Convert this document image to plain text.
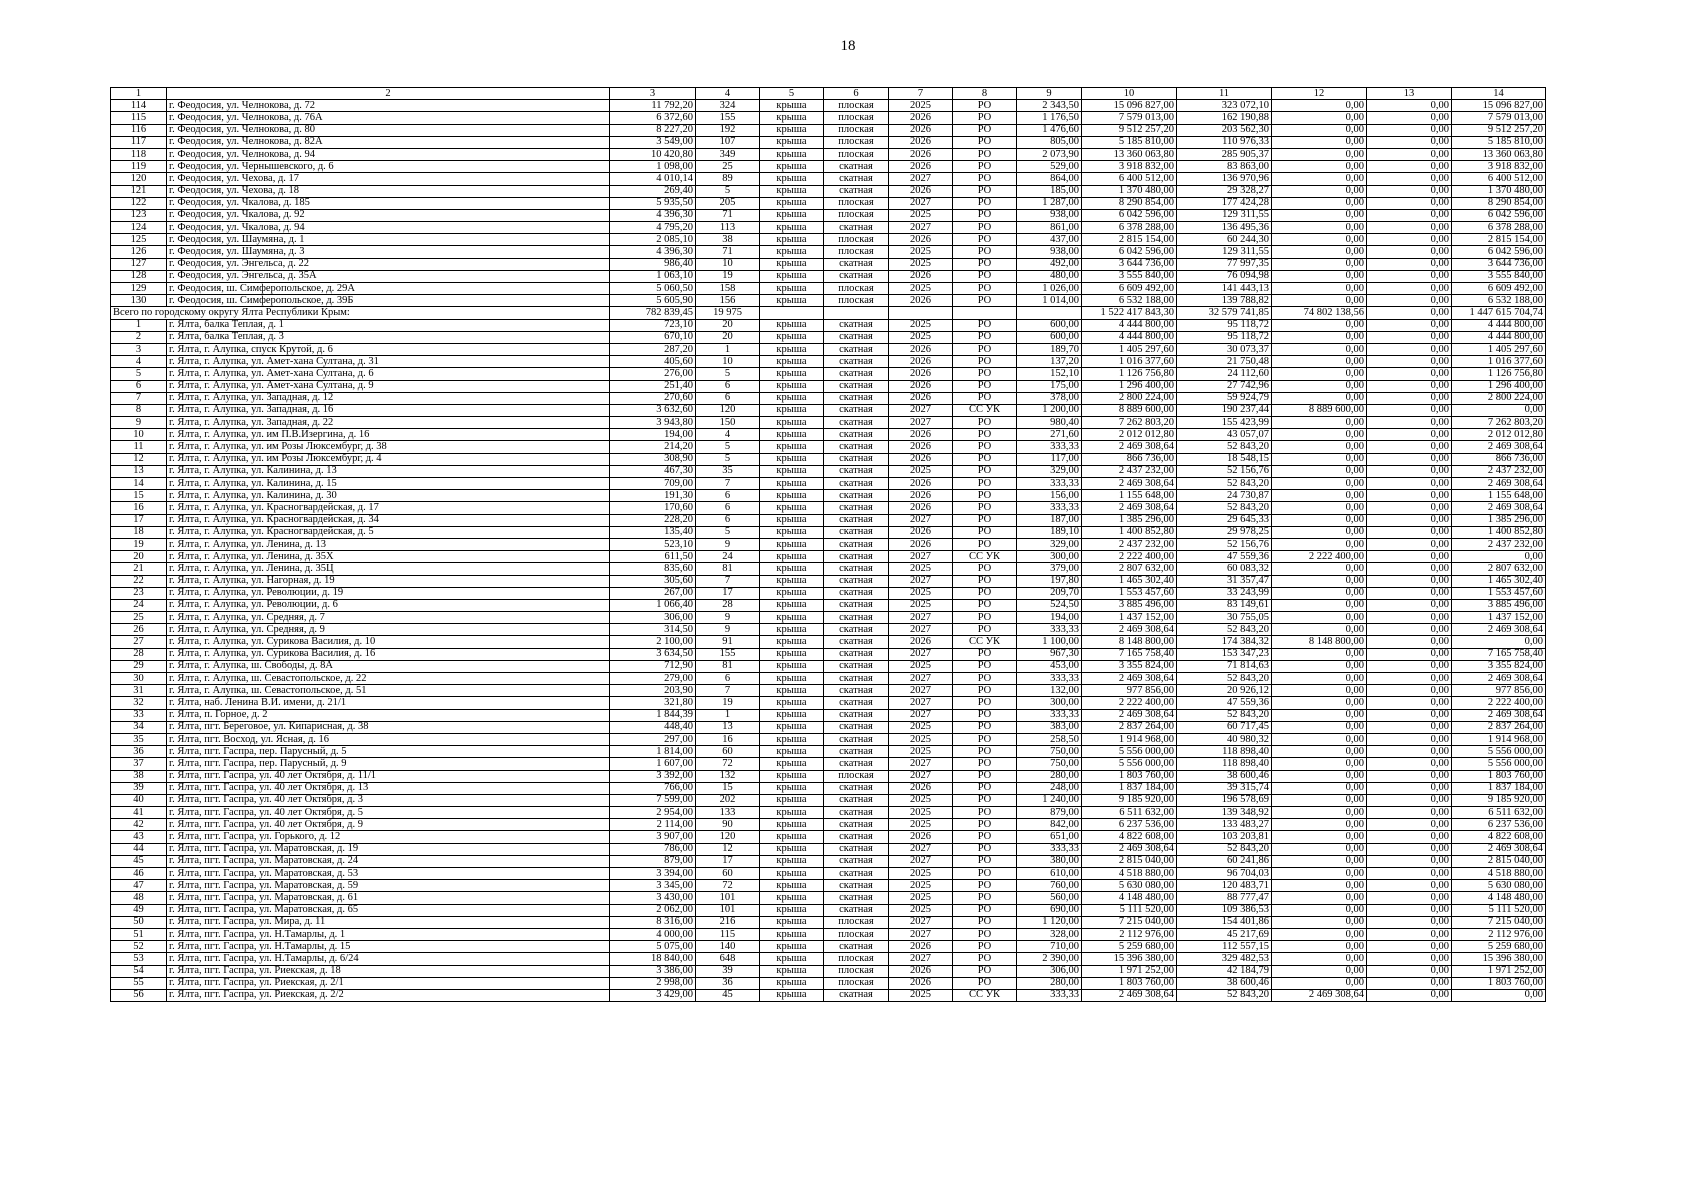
18
1	2	3	4	5	6	7	8	9	10	11	12	13	14
114	г. Феодосия, ул. Челнокова, д. 72	11 792,20	324	крыша	плоская	2025	РО	2 343,50	15 096 827,00	323 072,10	0,00	0,00	15 096 827,00
115	г. Феодосия, ул. Челнокова, д. 76А	6 372,60	155	крыша	плоская	2026	РО	1 176,50	7 579 013,00	162 190,88	0,00	0,00	7 579 013,00
116	г. Феодосия, ул. Челнокова, д. 80	8 227,20	192	крыша	плоская	2026	РО	1 476,60	9 512 257,20	203 562,30	0,00	0,00	9 512 257,20
117	г. Феодосия, ул. Челнокова, д. 82А	3 549,00	107	крыша	плоская	2026	РО	805,00	5 185 810,00	110 976,33	0,00	0,00	5 185 810,00
118	г. Феодосия, ул. Челнокова, д. 94	10 420,80	349	крыша	плоская	2026	РО	2 073,90	13 360 063,80	285 905,37	0,00	0,00	13 360 063,80
119	г. Феодосия, ул. Чернышевского, д. 6	1 098,00	25	крыша	скатная	2026	РО	529,00	3 918 832,00	83 863,00	0,00	0,00	3 918 832,00
120	г. Феодосия, ул. Чехова, д. 17	4 010,14	89	крыша	скатная	2027	РО	864,00	6 400 512,00	136 970,96	0,00	0,00	6 400 512,00
121	г. Феодосия, ул. Чехова, д. 18	269,40	5	крыша	скатная	2026	РО	185,00	1 370 480,00	29 328,27	0,00	0,00	1 370 480,00
122	г. Феодосия, ул. Чкалова, д. 185	5 935,50	205	крыша	плоская	2027	РО	1 287,00	8 290 854,00	177 424,28	0,00	0,00	8 290 854,00
123	г. Феодосия, ул. Чкалова, д. 92	4 396,30	71	крыша	плоская	2025	РО	938,00	6 042 596,00	129 311,55	0,00	0,00	6 042 596,00
124	г. Феодосия, ул. Чкалова, д. 94	4 795,20	113	крыша	скатная	2027	РО	861,00	6 378 288,00	136 495,36	0,00	0,00	6 378 288,00
125	г. Феодосия, ул. Шаумяна, д. 1	2 085,10	38	крыша	плоская	2026	РО	437,00	2 815 154,00	60 244,30	0,00	0,00	2 815 154,00
126	г. Феодосия, ул. Шаумяна, д. 3	4 396,30	71	крыша	плоская	2025	РО	938,00	6 042 596,00	129 311,55	0,00	0,00	6 042 596,00
127	г. Феодосия, ул. Энгельса, д. 22	986,40	10	крыша	скатная	2025	РО	492,00	3 644 736,00	77 997,35	0,00	0,00	3 644 736,00
128	г. Феодосия, ул. Энгельса, д. 35А	1 063,10	19	крыша	скатная	2026	РО	480,00	3 555 840,00	76 094,98	0,00	0,00	3 555 840,00
129	г. Феодосия, ш. Симферопольское, д. 29А	5 060,50	158	крыша	плоская	2025	РО	1 026,00	6 609 492,00	141 443,13	0,00	0,00	6 609 492,00
130	г. Феодосия, ш. Симферопольское, д. 39Б	5 605,90	156	крыша	плоская	2026	РО	1 014,00	6 532 188,00	139 788,82	0,00	0,00	6 532 188,00
Всего по городскому округу Ялта Республики Крым:		782 839,45	19 975						1 522 417 843,30	32 579 741,85	74 802 138,56	0,00	1 447 615 704,74
1	г. Ялта, балка Теплая, д. 1	723,10	20	крыша	скатная	2025	РО	600,00	4 444 800,00	95 118,72	0,00	0,00	4 444 800,00
2	г. Ялта, балка Теплая, д. 3	670,10	20	крыша	скатная	2025	РО	600,00	4 444 800,00	95 118,72	0,00	0,00	4 444 800,00
3	г. Ялта, г. Алупка, спуск Крутой, д. 6	287,20	1	крыша	скатная	2026	РО	189,70	1 405 297,60	30 073,37	0,00	0,00	1 405 297,60
4	г. Ялта, г. Алупка, ул. Амет-хана Султана, д. 31	405,60	10	крыша	скатная	2026	РО	137,20	1 016 377,60	21 750,48	0,00	0,00	1 016 377,60
5	г. Ялта, г. Алупка, ул. Амет-хана Султана, д. 6	276,00	5	крыша	скатная	2026	РО	152,10	1 126 756,80	24 112,60	0,00	0,00	1 126 756,80
6	г. Ялта, г. Алупка, ул. Амет-хана Султана, д. 9	251,40	6	крыша	скатная	2026	РО	175,00	1 296 400,00	27 742,96	0,00	0,00	1 296 400,00
7	г. Ялта, г. Алупка, ул. Западная, д. 12	270,60	6	крыша	скатная	2026	РО	378,00	2 800 224,00	59 924,79	0,00	0,00	2 800 224,00
8	г. Ялта, г. Алупка, ул. Западная, д. 16	3 632,60	120	крыша	скатная	2027	СС УК	1 200,00	8 889 600,00	190 237,44	8 889 600,00	0,00	0,00
9	г. Ялта, г. Алупка, ул. Западная, д. 22	3 943,80	150	крыша	скатная	2027	РО	980,40	7 262 803,20	155 423,99	0,00	0,00	7 262 803,20
10	г. Ялта, г. Алупка, ул. им П.В.Изергина, д. 16	194,00	4	крыша	скатная	2026	РО	271,60	2 012 012,80	43 057,07	0,00	0,00	2 012 012,80
11	г. Ялта, г. Алупка, ул. им Розы Люксембург, д. 38	214,20	5	крыша	скатная	2026	РО	333,33	2 469 308,64	52 843,20	0,00	0,00	2 469 308,64
12	г. Ялта, г. Алупка, ул. им Розы Люксембург, д. 4	308,90	5	крыша	скатная	2026	РО	117,00	866 736,00	18 548,15	0,00	0,00	866 736,00
13	г. Ялта, г. Алупка, ул. Калинина, д. 13	467,30	35	крыша	скатная	2025	РО	329,00	2 437 232,00	52 156,76	0,00	0,00	2 437 232,00
14	г. Ялта, г. Алупка, ул. Калинина, д. 15	709,00	7	крыша	скатная	2026	РО	333,33	2 469 308,64	52 843,20	0,00	0,00	2 469 308,64
15	г. Ялта, г. Алупка, ул. Калинина, д. 30	191,30	6	крыша	скатная	2026	РО	156,00	1 155 648,00	24 730,87	0,00	0,00	1 155 648,00
16	г. Ялта, г. Алупка, ул. Красногвардейская, д. 17	170,60	6	крыша	скатная	2026	РО	333,33	2 469 308,64	52 843,20	0,00	0,00	2 469 308,64
17	г. Ялта, г. Алупка, ул. Красногвардейская, д. 34	228,20	6	крыша	скатная	2027	РО	187,00	1 385 296,00	29 645,33	0,00	0,00	1 385 296,00
18	г. Ялта, г. Алупка, ул. Красногвардейская, д. 5	135,40	5	крыша	скатная	2026	РО	189,10	1 400 852,80	29 978,25	0,00	0,00	1 400 852,80
19	г. Ялта, г. Алупка, ул. Ленина, д. 13	523,10	9	крыша	скатная	2026	РО	329,00	2 437 232,00	52 156,76	0,00	0,00	2 437 232,00
20	г. Ялта, г. Алупка, ул. Ленина, д. 35Х	611,50	24	крыша	скатная	2027	СС УК	300,00	2 222 400,00	47 559,36	2 222 400,00	0,00	0,00
21	г. Ялта, г. Алупка, ул. Ленина, д. 35Ц	835,60	81	крыша	скатная	2025	РО	379,00	2 807 632,00	60 083,32	0,00	0,00	2 807 632,00
22	г. Ялта, г. Алупка, ул. Нагорная, д. 19	305,60	7	крыша	скатная	2027	РО	197,80	1 465 302,40	31 357,47	0,00	0,00	1 465 302,40
23	г. Ялта, г. Алупка, ул. Революции, д. 19	267,00	17	крыша	скатная	2025	РО	209,70	1 553 457,60	33 243,99	0,00	0,00	1 553 457,60
24	г. Ялта, г. Алупка, ул. Революции, д. 6	1 066,40	28	крыша	скатная	2025	РО	524,50	3 885 496,00	83 149,61	0,00	0,00	3 885 496,00
25	г. Ялта, г. Алупка, ул. Средняя, д. 7	306,00	9	крыша	скатная	2027	РО	194,00	1 437 152,00	30 755,05	0,00	0,00	1 437 152,00
26	г. Ялта, г. Алупка, ул. Средняя, д. 9	314,50	9	крыша	скатная	2027	РО	333,33	2 469 308,64	52 843,20	0,00	0,00	2 469 308,64
27	г. Ялта, г. Алупка, ул. Сурикова Василия, д. 10	2 100,00	91	крыша	скатная	2026	СС УК	1 100,00	8 148 800,00	174 384,32	8 148 800,00	0,00	0,00
28	г. Ялта, г. Алупка, ул. Сурикова Василия, д. 16	3 634,50	155	крыша	скатная	2027	РО	967,30	7 165 758,40	153 347,23	0,00	0,00	7 165 758,40
29	г. Ялта, г. Алупка, ш. Свободы, д. 8А	712,90	81	крыша	скатная	2025	РО	453,00	3 355 824,00	71 814,63	0,00	0,00	3 355 824,00
30	г. Ялта, г. Алупка, ш. Севастопольское, д. 22	279,00	6	крыша	скатная	2027	РО	333,33	2 469 308,64	52 843,20	0,00	0,00	2 469 308,64
31	г. Ялта, г. Алупка, ш. Севастопольское, д. 51	203,90	7	крыша	скатная	2027	РО	132,00	977 856,00	20 926,12	0,00	0,00	977 856,00
32	г. Ялта, наб. Ленина В.И. имени, д. 21/1	321,80	19	крыша	скатная	2027	РО	300,00	2 222 400,00	47 559,36	0,00	0,00	2 222 400,00
33	г. Ялта, п. Горное, д. 2	1 844,39	1	крыша	скатная	2027	РО	333,33	2 469 308,64	52 843,20	0,00	0,00	2 469 308,64
34	г. Ялта, пгт. Береговое, ул. Кипарисная, д. 38	448,40	13	крыша	скатная	2025	РО	383,00	2 837 264,00	60 717,45	0,00	0,00	2 837 264,00
35	г. Ялта, пгт. Восход, ул. Ясная, д. 16	297,00	16	крыша	скатная	2025	РО	258,50	1 914 968,00	40 980,32	0,00	0,00	1 914 968,00
36	г. Ялта, пгт. Гаспра, пер. Парусный, д. 5	1 814,00	60	крыша	скатная	2025	РО	750,00	5 556 000,00	118 898,40	0,00	0,00	5 556 000,00
37	г. Ялта, пгт. Гаспра, пер. Парусный, д. 9	1 607,00	72	крыша	скатная	2027	РО	750,00	5 556 000,00	118 898,40	0,00	0,00	5 556 000,00
38	г. Ялта, пгт. Гаспра, ул. 40 лет Октября, д. 11/1	3 392,00	132	крыша	плоская	2027	РО	280,00	1 803 760,00	38 600,46	0,00	0,00	1 803 760,00
39	г. Ялта, пгт. Гаспра, ул. 40 лет Октября, д. 13	766,00	15	крыша	скатная	2026	РО	248,00	1 837 184,00	39 315,74	0,00	0,00	1 837 184,00
40	г. Ялта, пгт. Гаспра, ул. 40 лет Октября, д. 3	7 599,00	202	крыша	скатная	2025	РО	1 240,00	9 185 920,00	196 578,69	0,00	0,00	9 185 920,00
41	г. Ялта, пгт. Гаспра, ул. 40 лет Октября, д. 5	2 954,00	133	крыша	скатная	2025	РО	879,00	6 511 632,00	139 348,92	0,00	0,00	6 511 632,00
42	г. Ялта, пгт. Гаспра, ул. 40 лет Октября, д. 9	2 114,00	90	крыша	скатная	2025	РО	842,00	6 237 536,00	133 483,27	0,00	0,00	6 237 536,00
43	г. Ялта, пгт. Гаспра, ул. Горького, д. 12	3 907,00	120	крыша	скатная	2026	РО	651,00	4 822 608,00	103 203,81	0,00	0,00	4 822 608,00
44	г. Ялта, пгт. Гаспра, ул. Маратовская, д. 19	786,00	12	крыша	скатная	2027	РО	333,33	2 469 308,64	52 843,20	0,00	0,00	2 469 308,64
45	г. Ялта, пгт. Гаспра, ул. Маратовская, д. 24	879,00	17	крыша	скатная	2027	РО	380,00	2 815 040,00	60 241,86	0,00	0,00	2 815 040,00
46	г. Ялта, пгт. Гаспра, ул. Маратовская, д. 53	3 394,00	60	крыша	скатная	2025	РО	610,00	4 518 880,00	96 704,03	0,00	0,00	4 518 880,00
47	г. Ялта, пгт. Гаспра, ул. Маратовская, д. 59	3 345,00	72	крыша	скатная	2025	РО	760,00	5 630 080,00	120 483,71	0,00	0,00	5 630 080,00
48	г. Ялта, пгт. Гаспра, ул. Маратовская, д. 61	3 430,00	101	крыша	скатная	2025	РО	560,00	4 148 480,00	88 777,47	0,00	0,00	4 148 480,00
49	г. Ялта, пгт. Гаспра, ул. Маратовская, д. 65	2 062,00	101	крыша	скатная	2025	РО	690,00	5 111 520,00	109 386,53	0,00	0,00	5 111 520,00
50	г. Ялта, пгт. Гаспра, ул. Мира, д. 11	8 316,00	216	крыша	плоская	2027	РО	1 120,00	7 215 040,00	154 401,86	0,00	0,00	7 215 040,00
51	г. Ялта, пгт. Гаспра, ул. Н.Тамарлы, д. 1	4 000,00	115	крыша	плоская	2027	РО	328,00	2 112 976,00	45 217,69	0,00	0,00	2 112 976,00
52	г. Ялта, пгт. Гаспра, ул. Н.Тамарлы, д. 15	5 075,00	140	крыша	скатная	2026	РО	710,00	5 259 680,00	112 557,15	0,00	0,00	5 259 680,00
53	г. Ялта, пгт. Гаспра, ул. Н.Тамарлы, д. 6/24	18 840,00	648	крыша	плоская	2027	РО	2 390,00	15 396 380,00	329 482,53	0,00	0,00	15 396 380,00
54	г. Ялта, пгт. Гаспра, ул. Риекская, д. 18	3 386,00	39	крыша	плоская	2026	РО	306,00	1 971 252,00	42 184,79	0,00	0,00	1 971 252,00
55	г. Ялта, пгт. Гаспра, ул. Риекская, д. 2/1	2 998,00	36	крыша	плоская	2026	РО	280,00	1 803 760,00	38 600,46	0,00	0,00	1 803 760,00
56	г. Ялта, пгт. Гаспра, ул. Риекская, д. 2/2	3 429,00	45	крыша	скатная	2025	СС УК	333,33	2 469 308,64	52 843,20	2 469 308,64	0,00	0,00
